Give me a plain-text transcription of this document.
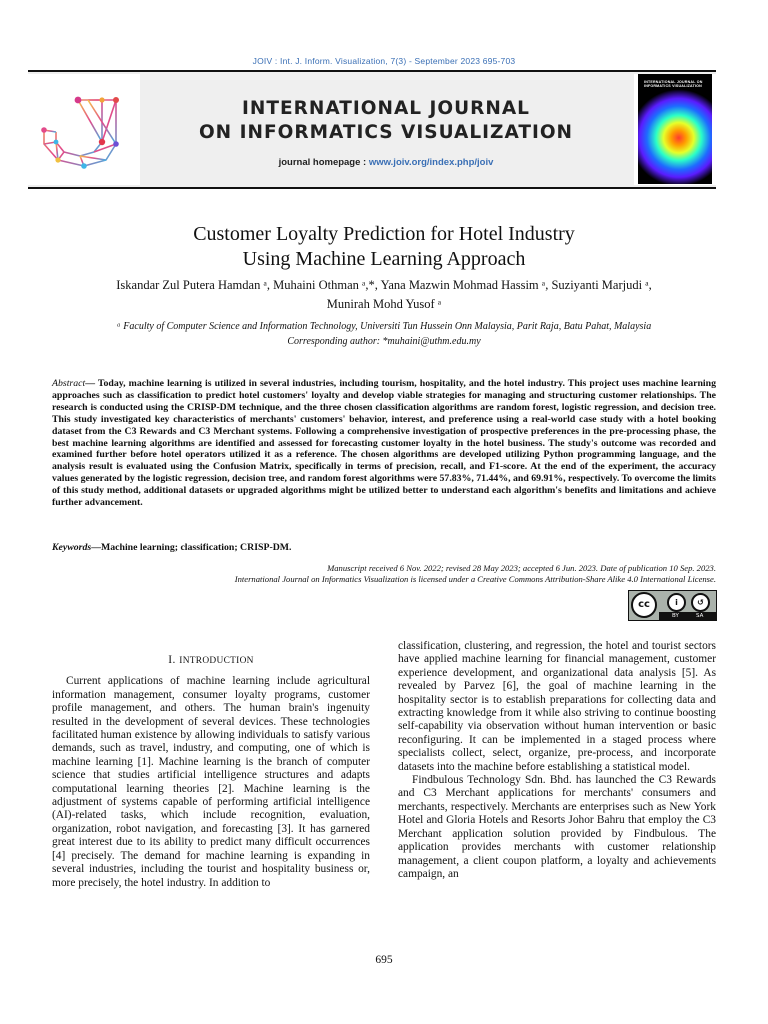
JOIV : Int. J. Inform. Visualization, 7(3) - September 2023 695-703
INTERNATIONAL JOURNAL
ON INFORMATICS VISUALIZATION
journal homepage : www.joiv.org/index.php/joiv
INTERNATIONAL JOURNAL ON INFORMATICS VISUALIZATION
Customer Loyalty Prediction for Hotel Industry
Using Machine Learning Approach
Iskandar Zul Putera Hamdan ᵃ, Muhaini Othman ᵃ,*, Yana Mazwin Mohmad Hassim ᵃ, Suziyanti Marjudi ᵃ,
Munirah Mohd Yusof ᵃ
ᵃ Faculty of Computer Science and Information Technology, Universiti Tun Hussein Onn Malaysia, Parit Raja, Batu Pahat, Malaysia
Corresponding author: *muhaini@uthm.edu.my
Abstract— Today, machine learning is utilized in several industries, including tourism, hospitality, and the hotel industry. This project uses machine learning approaches such as classification to predict hotel customers' loyalty and develop viable strategies for managing and structuring customer relationships. The research is conducted using the CRISP-DM technique, and the three chosen classification algorithms are random forest, logistic regression, and decision tree. This study investigated key characteristics of merchants' customers' behavior, interest, and preference using a real-world case study with a hotel booking dataset from the C3 Rewards and C3 Merchant systems. Following a comprehensive investigation of prospective preferences in the pre-processing phase, the best machine learning algorithms are identified and assessed for forecasting customer loyalty in the hotel business. The study's outcome was recorded and examined further before hotel operators utilized it as a reference. The chosen algorithms are developed utilizing Python programming language, and the analysis result is evaluated using the Confusion Matrix, specifically in terms of precision, recall, and F1-score. At the end of the experiment, the accuracy values generated by the logistic regression, decision tree, and random forest algorithms were 57.83%, 71.44%, and 69.91%, respectively. To overcome the limits of this study method, additional datasets or upgraded algorithms might be utilized better to understand each algorithm's benefits and limitations and achieve further advancement.
Keywords—Machine learning; classification; CRISP-DM.
Manuscript received 6 Nov. 2022; revised 28 May 2023; accepted 6 Jun. 2023. Date of publication 10 Sep. 2023.
International Journal on Informatics Visualization is licensed under a Creative Commons Attribution-Share Alike 4.0 International License.
cc	i	↺
BY	SA
I. INTRODUCTION

Current applications of machine learning include agricultural information management, consumer loyalty programs, customer profile management, and others. The human brain's ingenuity resulted in the development of several devices. These technologies facilitated human existence by allowing individuals to satisfy various demands, such as travel, industry, and computing, one of which is machine learning [1]. Machine learning is the branch of computer science that studies artificial intelligence structures and adapts computational learning theories [2]. Machine learning is the adjustment of systems capable of performing artificial intelligence (AI)-related tasks, which include recognition, evaluation, organization, robot navigation, and forecasting [3]. It has garnered great interest due to its ability to predict many difficult occurrences [4] precisely. The demand for machine learning is expanding in several industries, including the tourist and hospitality business or, more precisely, the hotel industry. In addition to

classification, clustering, and regression, the hotel and tourist sectors have applied machine learning for financial management, customer experience development, and organizational data analysis [5]. As revealed by Parvez [6], the goal of machine learning in the hospitality sector is to establish preparations for collecting data and extracting knowledge from it while also striving to continue boosting self-capability via observation without human intervention or basic reconfiguring. It can be implemented in a staged process where specialists collect, select, organize, pre-process, and incorporate datasets into the machine before establishing a statistical model.

Findbulous Technology Sdn. Bhd. has launched the C3 Rewards and C3 Merchant applications for merchants' consumers and merchants, respectively. Merchants are enterprises such as New York Hotel and Gloria Hotels and Resorts Johor Bahru that employ the C3 Merchant application solution provided by Findbulous. The application provides merchants with customer relationship management, a client coupon platform, a loyalty and achievements campaign, an

695
